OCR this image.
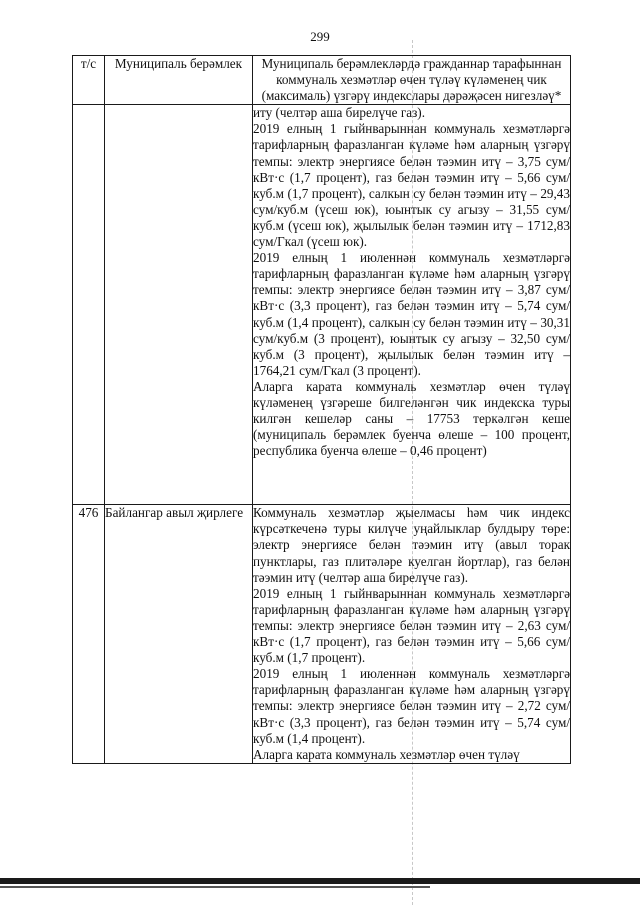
299
т/с	Муниципаль берәмлек	Муниципаль берәмлекләрдә гражданнар тарафыннан коммуналь хезмәтләр өчен түләү күләменең чик (максималь) үзгәрү индекслары дәрәҗәсен нигезләү*

		иту (челтәр аша бирелүче газ).

2019 елның 1 гыйнварыннан коммуналь хезмәтләргә тарифларның фаразланган күләме һәм аларның үзгәрү темпы: электр энергиясе белән тәэмин итү – 3,75 сум/кВт·с (1,7 процент), газ белән тәэмин итү – 5,66 сум/куб.м (1,7 процент), салкын су белән тәэмин итү – 29,43 сум/куб.м (үсеш юк), юынтык су агызу – 31,55 сум/куб.м (үсеш юк), җылылык белән тәэмин итү – 1712,83 сум/Гкал (үсеш юк).

2019 елның 1 июленнән коммуналь хезмәтләргә тарифларның фаразланган күләме һәм аларның үзгәрү темпы: электр энергиясе белән тәэмин итү – 3,87 сум/кВт·с (3,3 процент), газ белән тәэмин итү – 5,74 сум/куб.м (1,4 процент), салкын су белән тәэмин итү – 30,31 сум/куб.м (3 процент), юынтык су агызу – 32,50 сум/куб.м (3 процент), җылылык белән тәэмин итү – 1764,21 сум/Гкал (3 процент).

Аларга карата коммуналь хезмәтләр өчен түләү күләменең үзгәреше билгеләнгән чик индекска туры килгән кешеләр саны – 17753 теркәлгән кеше (муниципаль берәмлек буенча өлеше – 100 процент, республика буенча өлеше – 0,46 процент)

476	Байлангар авыл җирлеге	Коммуналь хезмәтләр җыелмасы һәм чик индекс күрсәткеченә туры килүче уңайлыклар булдыру төре: электр энергиясе белән тәэмин итү (авыл торак пунктлары, газ плитәләре куелган йортлар), газ белән тәэмин итү (челтәр аша бирелүче газ).

2019 елның 1 гыйнварыннан коммуналь хезмәтләргә тарифларның фаразланган күләме һәм аларның үзгәрү темпы: электр энергиясе белән тәэмин итү – 2,63 сум/кВт·с (1,7 процент), газ белән тәэмин итү – 5,66 сум/куб.м (1,7 процент).

2019 елның 1 июленнән коммуналь хезмәтләргә тарифларның фаразланган күләме һәм аларның үзгәрү темпы: электр энергиясе белән тәэмин итү – 2,72 сум/кВт·с (3,3 процент), газ белән тәэмин итү – 5,74 сум/куб.м (1,4 процент).

Аларга карата коммуналь хезмәтләр өчен түләү
